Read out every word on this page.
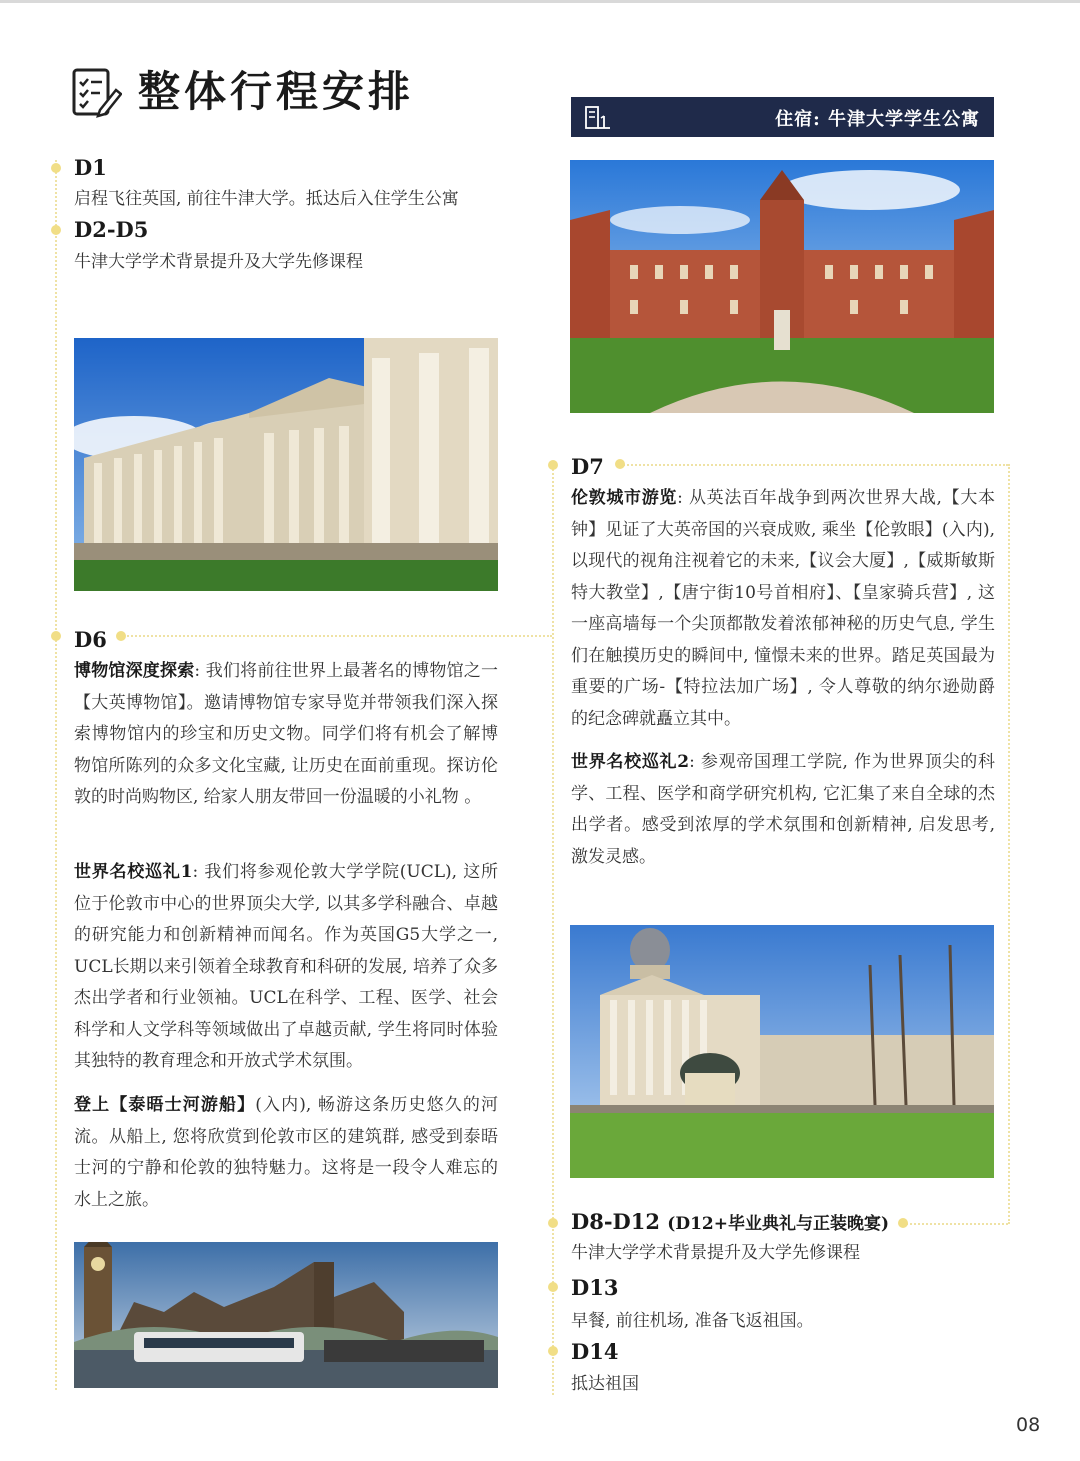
整体行程安排
住宿: 牛津大学学生公寓
D1
启程飞往英国, 前往牛津大学。抵达后入住学生公寓
D2-D5
牛津大学学术背景提升及大学先修课程
D6

博物馆深度探索: 我们将前往世界上最著名的博物馆之一【大英博物馆】。邀请博物馆专家导览并带领我们深入探索博物馆内的珍宝和历史文物。同学们将有机会了解博物馆所陈列的众多文化宝藏, 让历史在面前重现。探访伦敦的时尚购物区, 给家人朋友带回一份温暖的小礼物 。

世界名校巡礼1: 我们将参观伦敦大学学院(UCL), 这所位于伦敦市中心的世界顶尖大学, 以其多学科融合、卓越的研究能力和创新精神而闻名。作为英国G5大学之一, UCL长期以来引领着全球教育和科研的发展, 培养了众多杰出学者和行业领袖。UCL在科学、工程、医学、社会科学和人文学科等领域做出了卓越贡献, 学生将同时体验其独特的教育理念和开放式学术氛围。

登上【泰晤士河游船】(入内), 畅游这条历史悠久的河流。从船上, 您将欣赏到伦敦市区的建筑群, 感受到泰晤士河的宁静和伦敦的独特魅力。这将是一段令人难忘的水上之旅。

D7

伦敦城市游览: 从英法百年战争到两次世界大战,【大本钟】见证了大英帝国的兴衰成败, 乘坐【伦敦眼】(入内), 以现代的视角注视着它的未来,【议会大厦】,【威斯敏斯特大教堂】,【唐宁街10号首相府】、【皇家骑兵营】, 这一座高墙每一个尖顶都散发着浓郁神秘的历史气息, 学生们在触摸历史的瞬间中, 憧憬未来的世界。踏足英国最为重要的广场-【特拉法加广场】, 令人尊敬的纳尔逊勋爵的纪念碑就矗立其中。

世界名校巡礼2: 参观帝国理工学院, 作为世界顶尖的科学、工程、医学和商学研究机构, 它汇集了来自全球的杰出学者。感受到浓厚的学术氛围和创新精神, 启发思考, 激发灵感。

D8-D12 (D12+毕业典礼与正装晚宴)
牛津大学学术背景提升及大学先修课程
D13
早餐, 前往机场, 准备飞返祖国。
D14
抵达祖国
08
